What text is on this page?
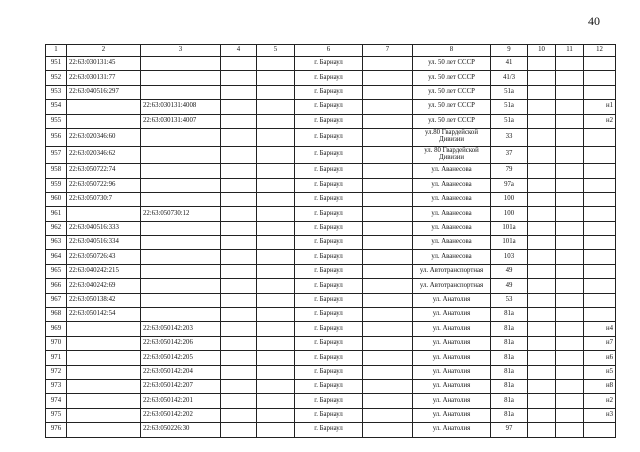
40
1	2	3	4	5	6	7	8	9	10	11	12
951	22:63:030131:45				г. Барнаул		ул. 50 лет СССР	41			
952	22:63:030131:77				г. Барнаул		ул. 50 лет СССР	41/3			
953	22:63:040516:297				г. Барнаул		ул. 50 лет СССР	51а			
954		22:63:030131:4008			г. Барнаул		ул. 50 лет СССР	51а			н1
955		22:63:030131:4007			г. Барнаул		ул. 50 лет СССР	51а			н2
956	22:63:020346:60				г. Барнаул		ул.80 Гвардейской Дивизии	33			
957	22:63:020346:62				г. Барнаул		ул. 80 Гвардейской Дивизии	37			
958	22:63:050722:74				г. Барнаул		ул. Аванесова	79			
959	22:63:050722:96				г. Барнаул		ул. Аванесова	97а			
960	22:63:050730:7				г. Барнаул		ул. Аванесова	100			
961		22:63:050730:12			г. Барнаул		ул. Аванесова	100			
962	22:63:040516:333				г. Барнаул		ул. Аванесова	101а			
963	22:63:040516:334				г. Барнаул		ул. Аванесова	101а			
964	22:63:050726:43				г. Барнаул		ул. Аванесова	103			
965	22:63:040242:215				г. Барнаул		ул. Автотранспортная	49			
966	22:63:040242:69				г. Барнаул		ул. Автотранспортная	49			
967	22:63:050138:42				г. Барнаул		ул. Анатолия	53			
968	22:63:050142:54				г. Барнаул		ул. Анатолия	81а			
969		22:63:050142:203			г. Барнаул		ул. Анатолия	81а			н4
970		22:63:050142:206			г. Барнаул		ул. Анатолия	81а			н7
971		22:63:050142:205			г. Барнаул		ул. Анатолия	81а			н6
972		22:63:050142:204			г. Барнаул		ул. Анатолия	81а			н5
973		22:63:050142:207			г. Барнаул		ул. Анатолия	81а			н8
974		22:63:050142:201			г. Барнаул		ул. Анатолия	81а			н2
975		22:63:050142:202			г. Барнаул		ул. Анатолия	81а			н3
976		22:63:050226:30			г. Барнаул		ул. Анатолия	97			
